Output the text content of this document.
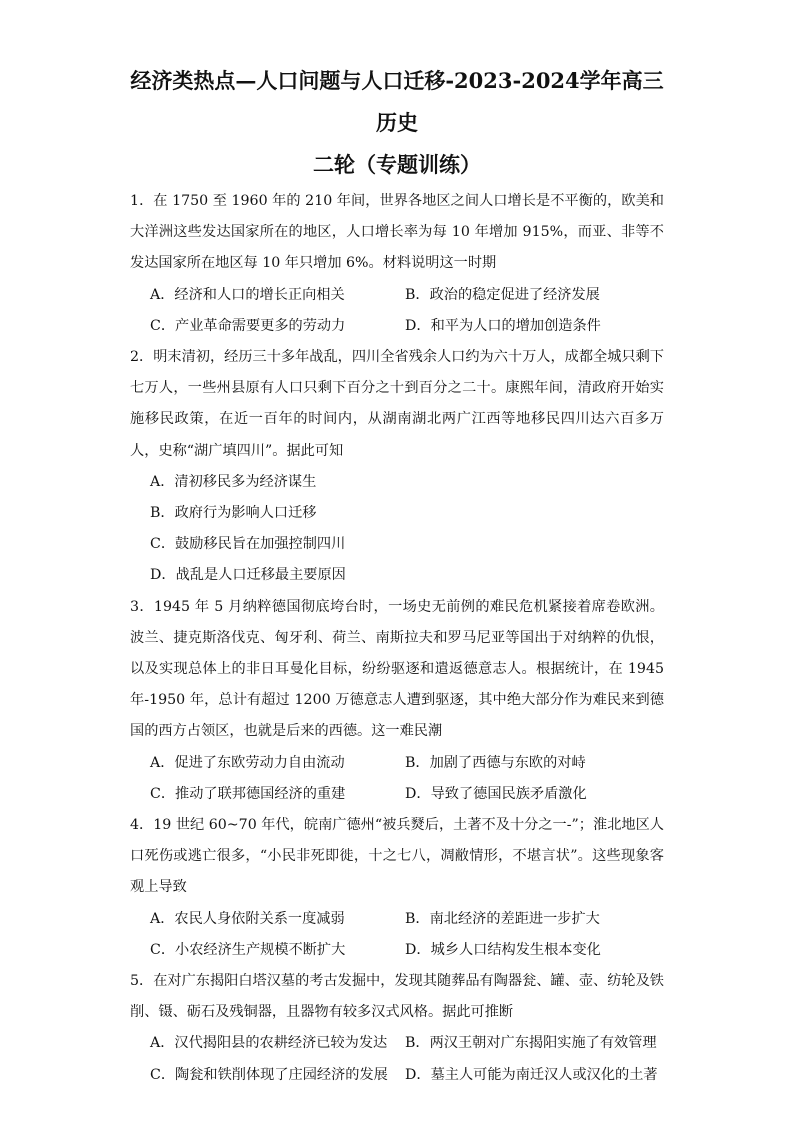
经济类热点—人口问题与人口迁移-2023-2024学年高三历史
二轮（专题训练）

1．在 1750 至 1960 年的 210 年间，世界各地区之间人口增长是不平衡的，欧美和大洋洲这些发达国家所在的地区，人口增长率为每 10 年增加 915%，而亚、非等不发达国家所在地区每 10 年只增加 6%。材料说明这一时期

A．经济和人口的增长正向相关	B．政治的稳定促进了经济发展
C．产业革命需要更多的劳动力	D．和平为人口的增加创造条件

2．明末清初，经历三十多年战乱，四川全省残余人口约为六十万人，成都全城只剩下七万人，一些州县原有人口只剩下百分之十到百分之二十。康熙年间，清政府开始实施移民政策，在近一百年的时间内，从湖南湖北两广江西等地移民四川达六百多万人，史称“湖广填四川”。据此可知

A．清初移民多为经济谋生
B．政府行为影响人口迁移
C．鼓励移民旨在加强控制四川
D．战乱是人口迁移最主要原因

3．1945 年 5 月纳粹德国彻底垮台时，一场史无前例的难民危机紧接着席卷欧洲。波兰、捷克斯洛伐克、匈牙利、荷兰、南斯拉夫和罗马尼亚等国出于对纳粹的仇恨，以及实现总体上的非日耳曼化目标，纷纷驱逐和遣返德意志人。根据统计，在 1945 年-1950 年，总计有超过 1200 万德意志人遭到驱逐，其中绝大部分作为难民来到德国的西方占领区，也就是后来的西德。这一难民潮

A．促进了东欧劳动力自由流动	B．加剧了西德与东欧的对峙
C．推动了联邦德国经济的重建	D．导致了德国民族矛盾激化

4．19 世纪 60~70 年代，皖南广德州“被兵燹后，土著不及十分之一-”；淮北地区人口死伤或逃亡很多，“小民非死即徙，十之七八，凋敝情形，不堪言状”。这些现象客观上导致

A．农民人身依附关系一度减弱	B．南北经济的差距进一步扩大
C．小农经济生产规模不断扩大	D．城乡人口结构发生根本变化

5．在对广东揭阳白塔汉墓的考古发掘中，发现其随葬品有陶器瓮、罐、壶、纺轮及铁削、镊、砺石及残铜器，且器物有较多汉式风格。据此可推断

A．汉代揭阳县的农耕经济已较为发达	B．两汉王朝对广东揭阳实施了有效管理
C．陶瓮和铁削体现了庄园经济的发展	D．墓主人可能为南迁汉人或汉化的土著
